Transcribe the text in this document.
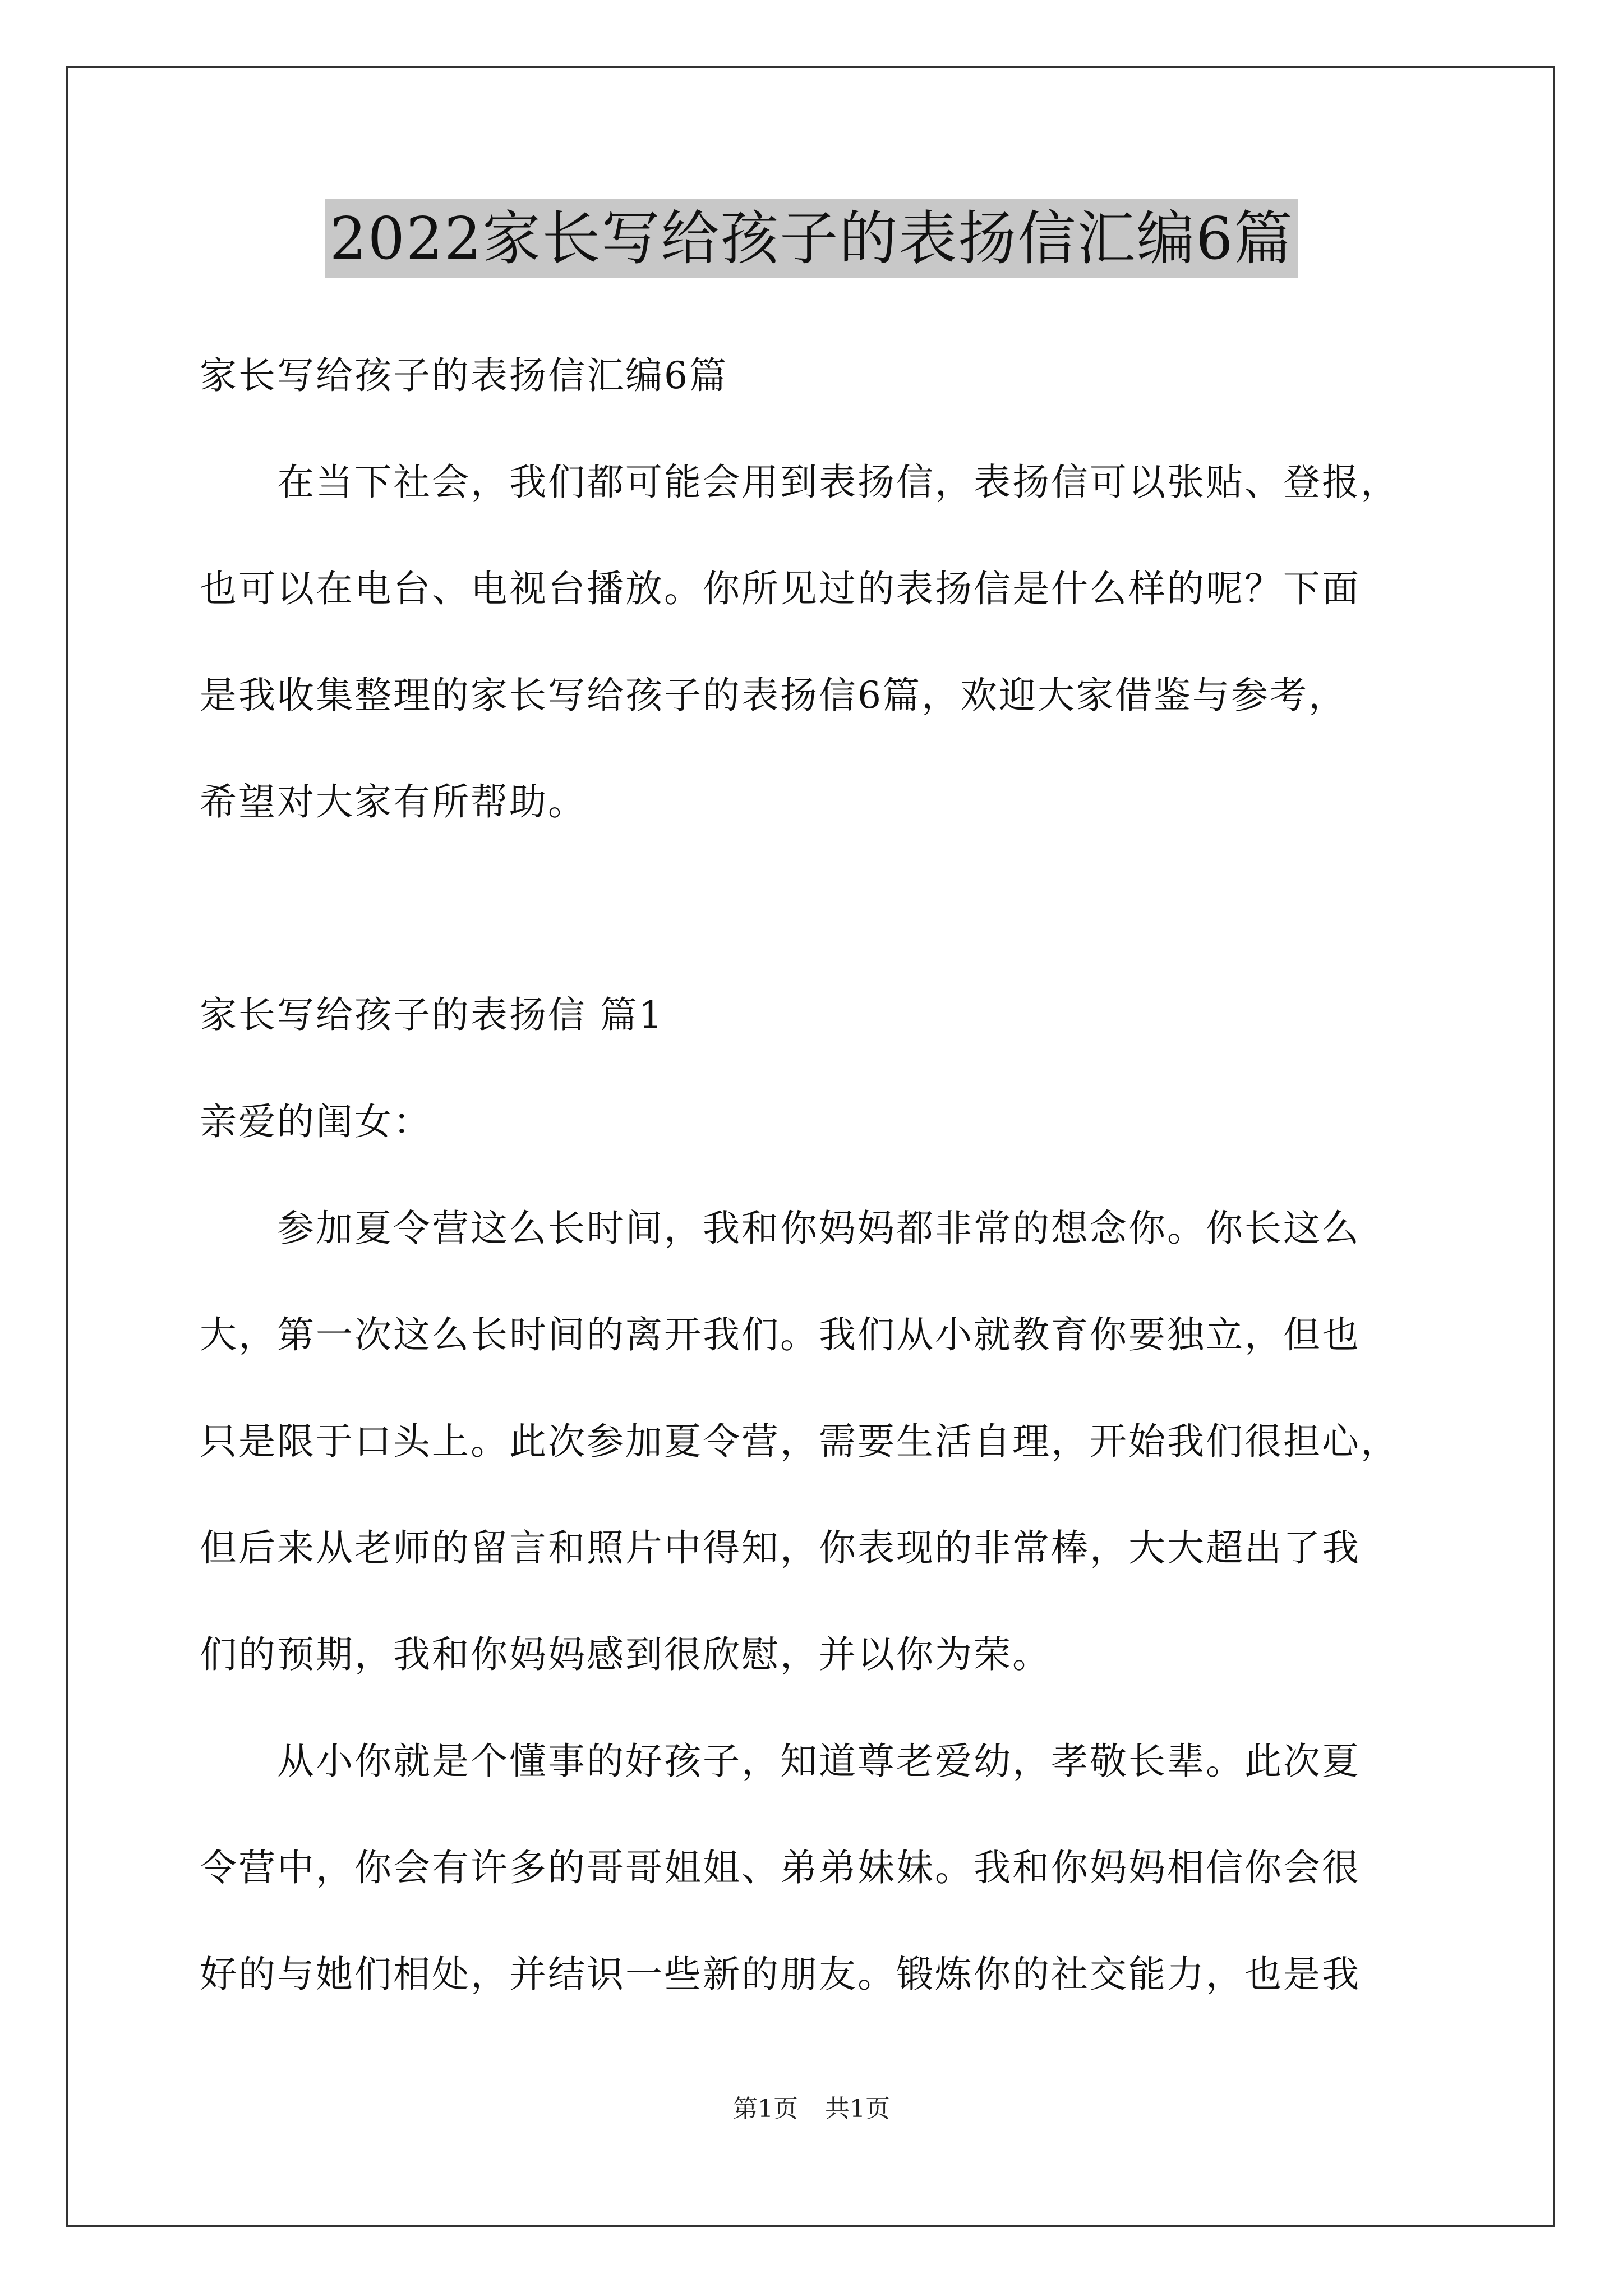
2022家长写给孩子的表扬信汇编6篇
家长写给孩子的表扬信汇编6篇
　　在当下社会，我们都可能会用到表扬信，表扬信可以张贴、登报，
也可以在电台、电视台播放。你所见过的表扬信是什么样的呢？下面
是我收集整理的家长写给孩子的表扬信6篇，欢迎大家借鉴与参考，
希望对大家有所帮助。
家长写给孩子的表扬信 篇1
亲爱的闺女：
　　参加夏令营这么长时间，我和你妈妈都非常的想念你。你长这么
大，第一次这么长时间的离开我们。我们从小就教育你要独立，但也
只是限于口头上。此次参加夏令营，需要生活自理，开始我们很担心，
但后来从老师的留言和照片中得知，你表现的非常棒，大大超出了我
们的预期，我和你妈妈感到很欣慰，并以你为荣。
　　从小你就是个懂事的好孩子，知道尊老爱幼，孝敬长辈。此次夏
令营中，你会有许多的哥哥姐姐、弟弟妹妹。我和你妈妈相信你会很
好的与她们相处，并结识一些新的朋友。锻炼你的社交能力，也是我
第1页 共1页
